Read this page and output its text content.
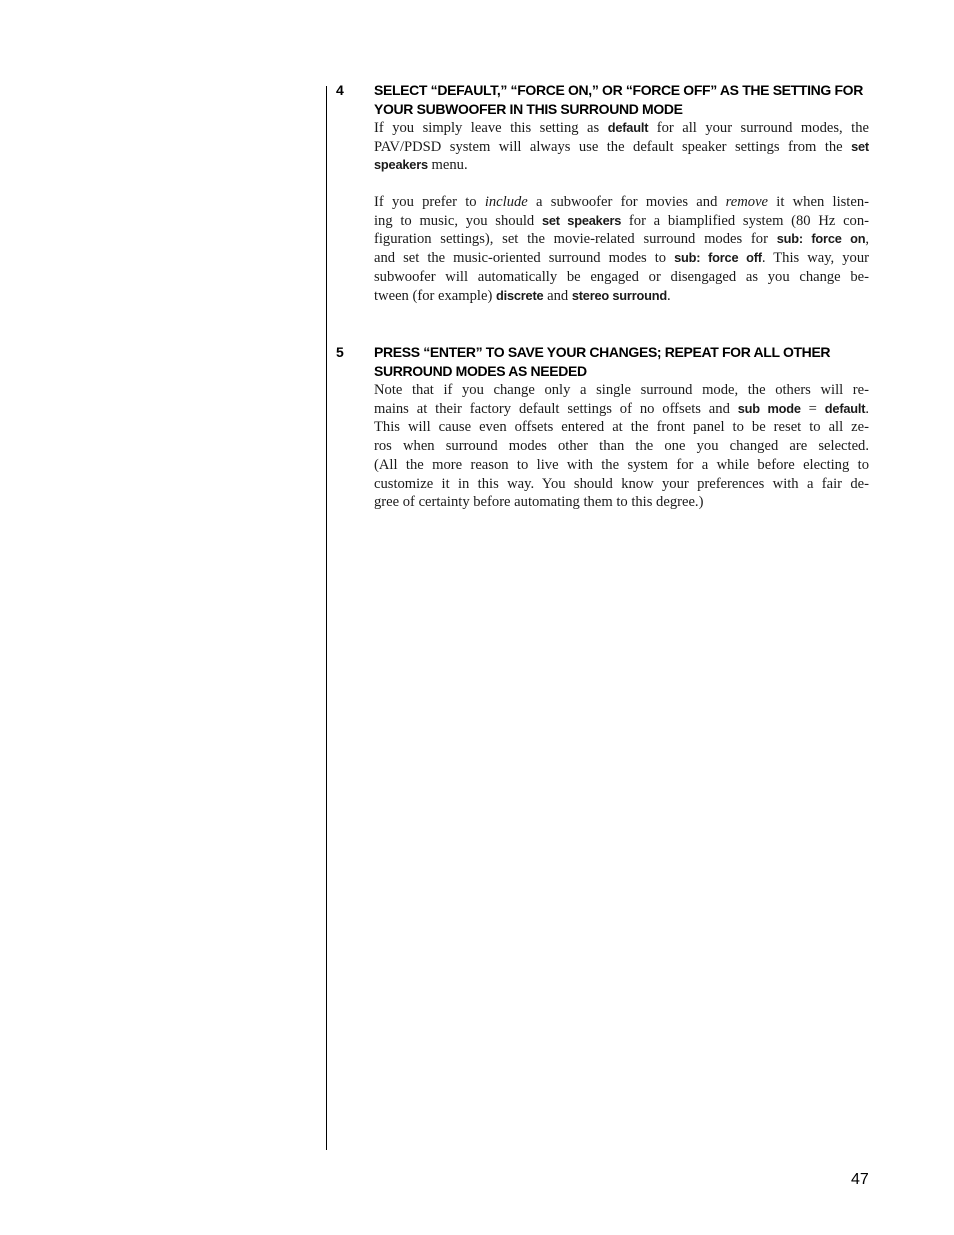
4 SELECT “DEFAULT,” “FORCE ON,” OR “FORCE OFF” AS THE SETTING FOR
YOUR SUBWOOFER IN THIS SURROUND MODE
If you simply leave this setting as default for all your surround modes, the
PAV/PDSD system will always use the default speaker settings from the set
speakers menu.
If you prefer to include a subwoofer for movies and remove it when listen-
ing to music, you should set speakers for a biamplified system (80 Hz con-
figuration settings), set the movie-related surround modes for sub: force on,
and set the music-oriented surround modes to sub: force off. This way, your
subwoofer will automatically be engaged or disengaged as you change be-
tween (for example) discrete and stereo surround.
5 PRESS “ENTER” TO SAVE YOUR CHANGES; REPEAT FOR ALL OTHER
SURROUND MODES AS NEEDED
Note that if you change only a single surround mode, the others will re-
mains at their factory default settings of no offsets and sub mode = default.
This will cause even offsets entered at the front panel to be reset to all ze-
ros when surround modes other than the one you changed are selected.
(All the more reason to live with the system for a while before electing to
customize it in this way. You should know your preferences with a fair de-
gree of certainty before automating them to this degree.)
47
